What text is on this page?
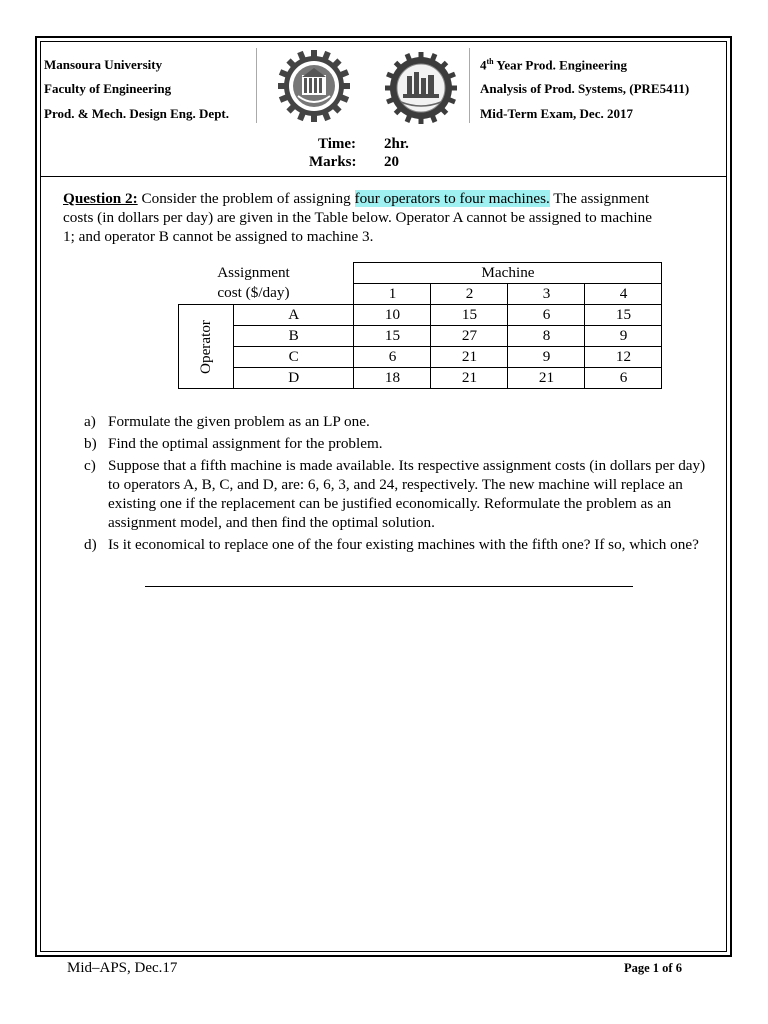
Mansoura University
Faculty of Engineering
Prod. & Mech. Design Eng. Dept.
4th Year Prod. Engineering
Analysis of Prod. Systems, (PRE5411)
Mid-Term Exam, Dec. 2017
Time: 2hr.
Marks: 20
Question 2: Consider the problem of assigning four operators to four machines. The assignment
costs (in dollars per day) are given in the Table below. Operator A cannot be assigned to machine
1; and operator B cannot be assigned to machine 3.

	Assignment
cost ($/day)	Machine			
		1	2	3	4
Operator	A	10	15	6	15
	B	15	27	8	9
	C	6	21	9	12
	D	18	21	21	6
a) Formulate the given problem as an LP one.
b) Find the optimal assignment for the problem.
c) Suppose that a fifth machine is made available. Its respective assignment costs (in dollars per day) to operators A, B, C, and D, are: 6, 6, 3, and 24, respectively. The new machine will replace an existing one if the replacement can be justified economically. Reformulate the problem as an assignment model, and then find the optimal solution.
d) Is it economical to replace one of the four existing machines with the fifth one? If so, which one?
Mid–APS, Dec.17	Page 1 of 6
